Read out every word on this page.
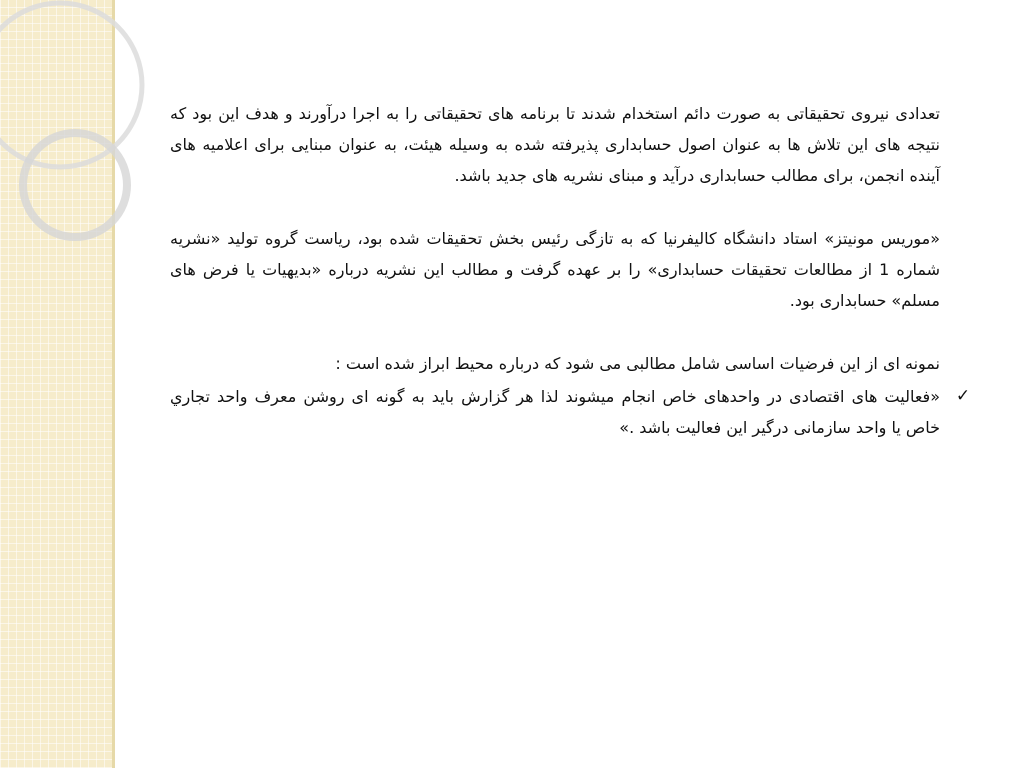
تعدادی نیروی تحقیقاتی به صورت دائم استخدام شدند تا برنامه های تحقیقاتی را به اجرا درآورند و هدف این بود که نتیجه های این تلاش ها به عنوان اصول حسابداری پذیرفته شده به وسیله هیئت، به عنوان مبنایی برای اعلامیه های آینده انجمن، برای مطالب حسابداری درآید و مبنای نشریه های جدید باشد.

«موریس مونیتز» استاد دانشگاه کالیفرنیا که به تازگی رئیس بخش تحقیقات شده بود، ریاست گروه تولید «نشریه شماره 1 از مطالعات تحقیقات حسابداری» را بر عهده گرفت و مطالب این نشریه درباره «بدیهیات یا فرض های مسلم» حسابداری بود.

نمونه ای از این فرضیات اساسی شامل مطالبی می شود که درباره محیط ابراز شده است :

✓
«فعالیت های اقتصادی در واحدهای خاص انجام میشوند لذا هر گزارش باید به گونه ای روشن معرف واحد تجاري خاص یا واحد سازمانی درگیر این فعالیت باشد .»
